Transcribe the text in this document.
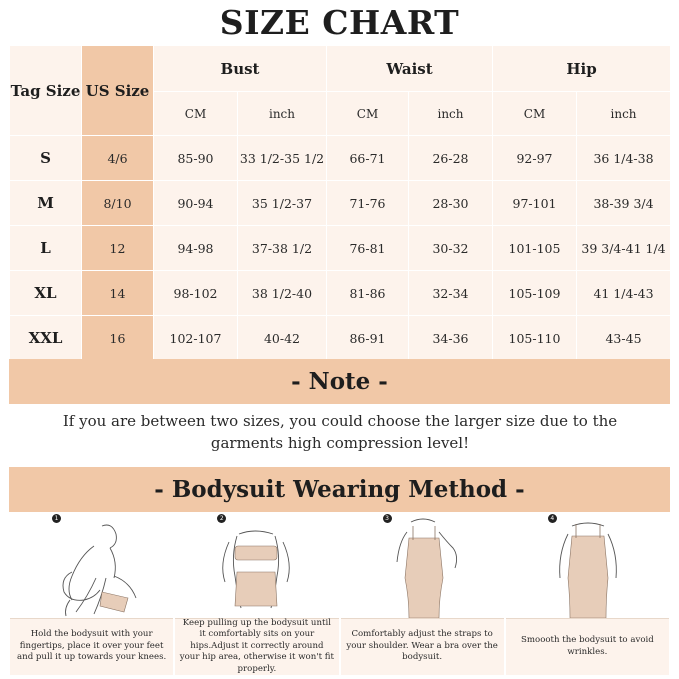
SIZE CHART
Tag Size	US Size	Bust		Waist		Hip	
		CM	inch	CM	inch	CM	inch
S	4/6	85-90	33 1/2-35 1/2	66-71	26-28	92-97	36 1/4-38
M	8/10	90-94	35 1/2-37	71-76	28-30	97-101	38-39 3/4
L	12	94-98	37-38 1/2	76-81	30-32	101-105	39 3/4-41 1/4
XL	14	98-102	38 1/2-40	81-86	32-34	105-109	41 1/4-43
XXL	16	102-107	40-42	86-91	34-36	105-110	43-45
- Note -
If you are between two sizes, you could choose the larger size due to the garments high compression level!
- Bodysuit Wearing Method -
1
Hold the bodysuit with your fingertips, place it over your feet and pull it up towards your knees.
2
Keep pulling up the bodysuit until it comfortably sits on your hips.Adjust it correctly around your hip area, otherwise it won't fit properly.
3
Comfortably adjust the straps to your shoulder. Wear a bra over the bodysuit.
4
Smoooth the bodysuit to avoid wrinkles.
